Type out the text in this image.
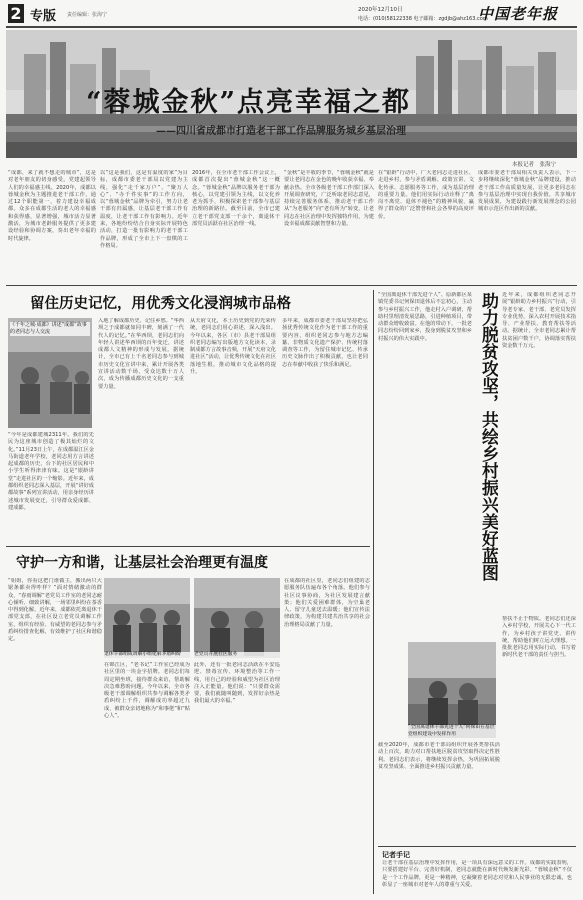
2 专版 责任编辑：张海宁
2020年12月10日
电话：(010)58122338 电子邮箱：zgdjb@ahz163.com
中国老年报
“蓉城金秋”点亮幸福之都
——四川省成都市打造老干部工作品牌服务城乡基层治理
本报记者　张海宁
“成都，来了就不想走的城市”，这是对老年朋友的切身感受。党建起领导人们的幸福感主线。2020年，成都以蓉城金秋为主题推进老干部工作，通过12个职能第一，着力建设幸福成都。众多在成都生活的老人的幸福感和获得感，显著增强，城市活力显著激活，为城市老龄服务提供了更多建设经验和协调方案，奏出老年幸福的时代旋律。
以“这是我们，这是有温度的家”为目标，成都市委老干部局以党建为主线，强化“走千家万户”、“聚万人心”、“办千件实事”的工作方向，以“蓉城金秋”品牌为牵引，努力让老干部有归属感，让基层老干部工作有温度，让老干部工作有影响力。近年来，各地纷纷结合自身实际开展特色活动，打造一批有影响力的老干部工作品牌，形成了全市上下一盘棋的工作格局。
2016年，在全市老干部工作会议上，成都首次提出“蓉城金秋”这一概念。“蓉城金秋”品牌以服务老干部为核心，以党建引领为主线，以文化养老为抓手，积极探索老干部参与基层治理的新路径。截至目前，全市已建立老干部党支部一千余个，离退休干部党员活跃在社区治理一线。
“金秋”是丰收的季节，“蓉城金秋”就是要让老同志在金色的晚年收获幸福、奉献余热。全市各级老干部工作部门深入开展调查研究，广泛听取老同志意见，持续完善服务体系，推动老干部工作从“为老服务”向“老有所为”转变，让老同志在社区治理中发挥独特作用，为建设幸福成都贡献智慧和力量。
在“银龄”行动中，广大老同志走进社区、走进乡村，参与矛盾调解、政策宣讲、文化传承、志愿服务等工作，成为基层治理的重要力量。他们用实际行动诠释了“离岗不离党、退休不褪色”的精神风貌，赢得了群众的广泛赞誉和社会各界的高度评价。
成都市委老干部局相关负责人表示，下一步将继续深化“蓉城金秋”品牌建设，推动老干部工作高质量发展，让更多老同志在参与基层治理中实现自我价值，共享城市发展成果，为建设践行新发展理念的公园城市示范区作出新的贡献。
留住历史记忆，用优秀文化浸润城市品格
《千年之城·成都》讲述“成都”故事的老同志与人交流
“今年是成都建城2311年。我们的先民为这座城市创造了极其灿烂的文化。”11月23日上午，在成都温江区金马街道老年学校，老同志用方言讲述起成都的历史，台下的社区居民和中小学生听得津津有味。这是“银龄讲堂”走进社区的一个缩影。近年来，成都组织老同志深入基层，开展“讲好成都故事”系列宣讲活动，用亲身经历讲述城市发展变迁，引导群众爱成都、建成都。
入地了解成都历史、记住乡愁。“华西坝之于成都就如同丰碑，刻满了一代代人的记忆。”在华西坝，老同志们向年轻人讲述华西坝的百年变迁，讲述成都人文精神的形成与发展。据统计，全市已有上千名老同志参与到城市历史文化宣讲中来，累计开展各类宣讲活动数千场，受众达数十万人次，成为传播成都历史文化的一支重要力量。
从天府文化，本土历史到党的光荣传统，老同志们用心讲述，深入浅出。今年以来，各区（市）县老干部局组织老同志编写出版地方文化读本，录制成都方言故事音频，开展“天府文化进社区”活动，让优秀传统文化在社区落地生根，推动城市文化品格的提升。
多年来，成都市委老干部局坚持把弘扬优秀传统文化作为老干部工作的重要内容，组织老同志参与地方志编纂、非物质文化遗产保护、传统村落调查等工作，为留住城市记忆、传承历史文脉作出了积极贡献，也让老同志在奉献中收获了快乐和满足。
守护一方和谐，让基层社会治理更有温度
“姐姐，你看这把门谁做主，搬出两只大锯条都卖得咋样？”面对情绪激动的群众，“春雨调解”老党员工作室的老同志耐心倾听、细致讲解，一场邻里纠纷在茶香中得到化解。近年来，成都依托离退休干部党支部，在社区设立老党员调解工作室，组织有经验、有威望的老同志参与矛盾纠纷排查化解，有效维护了社区和谐稳定。
退休干部组成调解小组化解矛盾纠纷	老党员开展社区服务
在锦江区，“老书记”工作室已经成为社区里的一块金字招牌。老同志们每周定期坐班，接待群众来访，帮助解决急难愁盼问题。今年以来，全市各级老干部调解组织共参与调解各类矛盾纠纷上千件，调解成功率超过九成，被群众亲切地称为“和事佬”和“贴心人”。
此外，还有一批老同志活跃在平安巡逻、禁毒宣传、环境整治等工作一线，用自己的经验和威望为社区治理注入正能量。他们说：“只要群众需要，我们就随叫随到，发挥好余热是我们最大的幸福。”
在成都的社区里，老同志们组建的志愿服务队伍遍布各个角落。他们参与社区议事协商，为社区发展建言献策；他们关爱困难群体，为空巢老人、留守儿童送去温暖；他们宣传法律政策，为构建共建共治共享的社会治理格局贡献了力量。
“全国离退休干部先进个人”、原新都区某镇党委书记何保田退休后不忘初心，主动参与乡村振兴工作，他走村入户调研，帮助村里理清发展思路，引进种植项目，带动群众增收致富。在他的带动下，一批老同志纷纷回到家乡，投身到脱贫攻坚和乡村振兴的伟大实践中。	助力脱贫攻坚，共绘乡村振兴美好蓝图 近年来，成都组织老同志开展“银龄助力乡村振兴”行动，引导老专家、老干部、老党员发挥专业优势，深入农村开展技术指导、产业帮扶、教育帮扶等活动。据统计，全市老同志累计帮扶贫困户数千户，协调落实帮扶资金数千万元。
“全国离退休干部先进个人”何保田在基层党组织建设中发挥作用
截至2020年，成都市老干部局组织开展各类帮扶活动上百次，助力对口帮扶地区脱贫攻坚取得决定性胜利。老同志们表示，将继续发挥余热，为巩固拓展脱贫攻坚成果、全面推进乡村振兴贡献力量。
帮扶不止于物质。老同志们还深入乡村学校，开展关心下一代工作，为乡村孩子讲党史、讲传统，帮助他们树立远大理想。一批批老同志用实际行动，书写着新时代老干部的责任与担当。
记者手记
让老干部在基层治理中发挥作用，是一项具有深远意义的工作。成都的实践表明，只要搭建好平台、完善好机制，老同志就能在新时代焕发新光彩。“蓉城金秋”不仅是一个工作品牌，更是一种精神，它凝聚着老同志对党和人民事业的无限忠诚，也彰显了一座城市对老年人的尊重与关爱。
